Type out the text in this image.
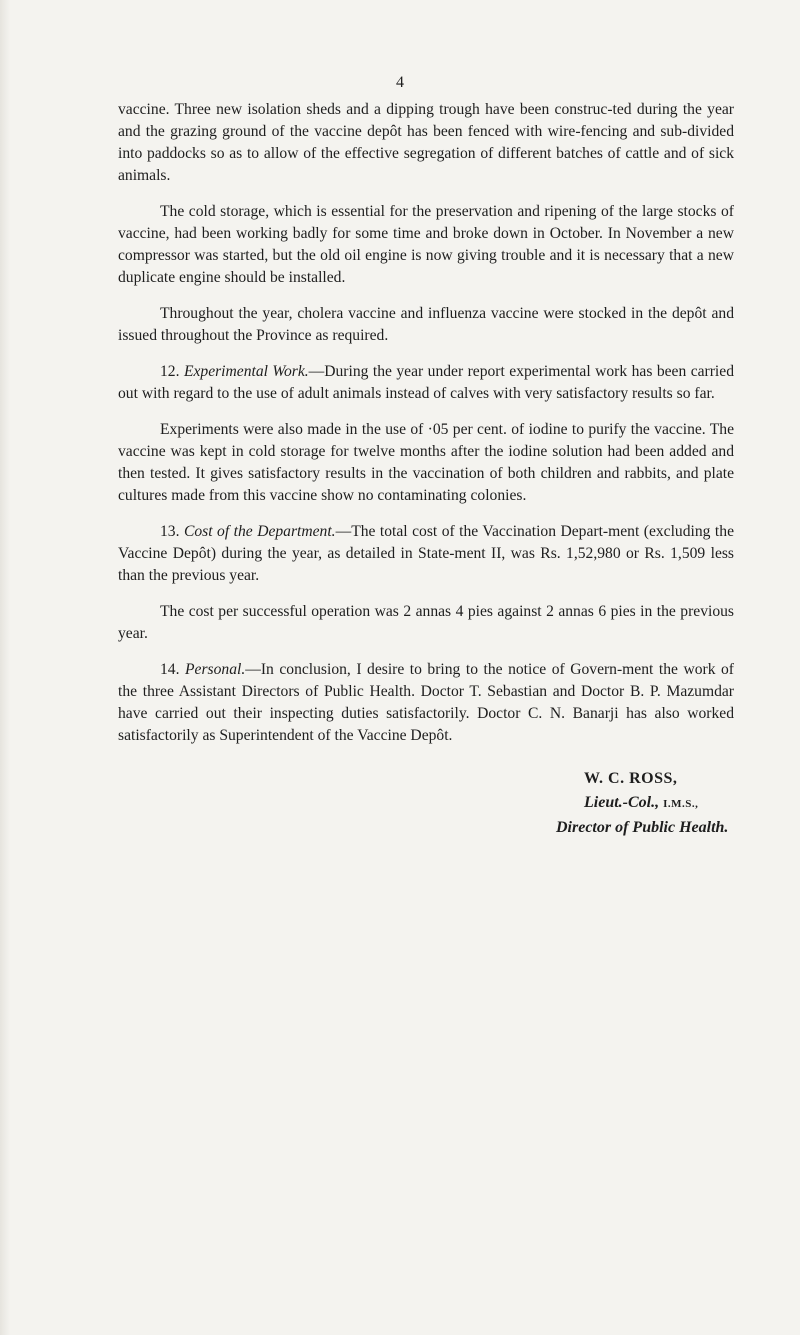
4

vaccine. Three new isolation sheds and a dipping trough have been construc-ted during the year and the grazing ground of the vaccine depôt has been fenced with wire-fencing and sub-divided into paddocks so as to allow of the effective segregation of different batches of cattle and of sick animals.

The cold storage, which is essential for the preservation and ripening of the large stocks of vaccine, had been working badly for some time and broke down in October. In November a new compressor was started, but the old oil engine is now giving trouble and it is necessary that a new duplicate engine should be installed.

Throughout the year, cholera vaccine and influenza vaccine were stocked in the depôt and issued throughout the Province as required.

12. Experimental Work.—During the year under report experimental work has been carried out with regard to the use of adult animals instead of calves with very satisfactory results so far.

Experiments were also made in the use of ·05 per cent. of iodine to purify the vaccine. The vaccine was kept in cold storage for twelve months after the iodine solution had been added and then tested. It gives satisfactory results in the vaccination of both children and rabbits, and plate cultures made from this vaccine show no contaminating colonies.

13. Cost of the Department.—The total cost of the Vaccination Depart-ment (excluding the Vaccine Depôt) during the year, as detailed in State-ment II, was Rs. 1,52,980 or Rs. 1,509 less than the previous year.

The cost per successful operation was 2 annas 4 pies against 2 annas 6 pies in the previous year.

14. Personal.—In conclusion, I desire to bring to the notice of Govern-ment the work of the three Assistant Directors of Public Health. Doctor T. Sebastian and Doctor B. P. Mazumdar have carried out their inspecting duties satisfactorily. Doctor C. N. Banarji has also worked satisfactorily as Superintendent of the Vaccine Depôt.

W. C. ROSS,
Lieut.-Col., I.M.S.,
Director of Public Health.
